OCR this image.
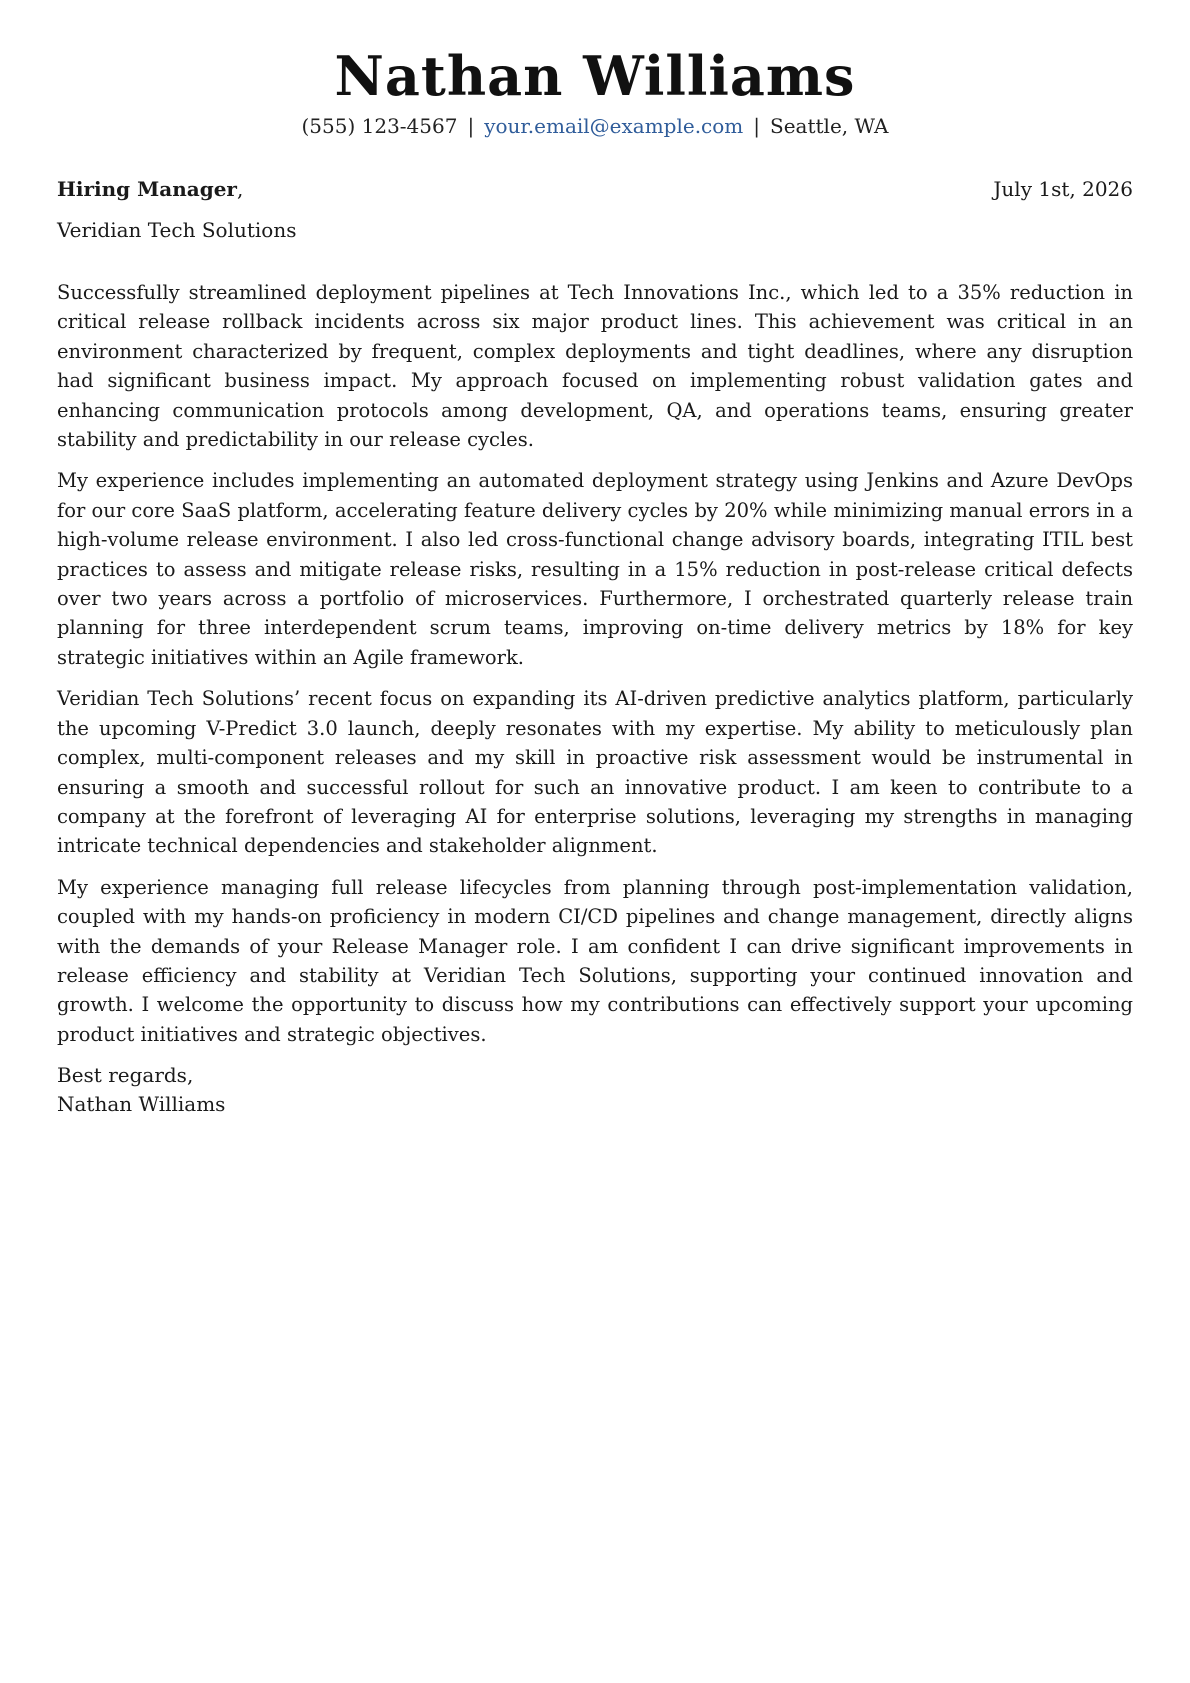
Nathan Williams
(555) 123-4567 | your.email@example.com | Seattle, WA
Hiring Manager,	July 1st, 2026
Veridian Tech Solutions

Successfully streamlined deployment pipelines at Tech Innovations Inc., which led to a 35% reduction in critical release rollback incidents across six major product lines. This achievement was critical in an environment characterized by frequent, complex deployments and tight deadlines, where any disruption had significant business impact. My approach focused on implementing robust validation gates and enhancing communication protocols among development, QA, and operations teams, ensuring greater stability and predictability in our release cycles.

My experience includes implementing an automated deployment strategy using Jenkins and Azure DevOps for our core SaaS platform, accelerating feature delivery cycles by 20% while minimizing manual errors in a high-volume release environment. I also led cross-functional change advisory boards, integrating ITIL best practices to assess and mitigate release risks, resulting in a 15% reduction in post-release critical defects over two years across a portfolio of microservices. Furthermore, I orchestrated quarterly release train planning for three interdependent scrum teams, improving on-time delivery metrics by 18% for key strategic initiatives within an Agile framework.

Veridian Tech Solutions’ recent focus on expanding its AI-driven predictive analytics platform, particularly the upcoming V-Predict 3.0 launch, deeply resonates with my expertise. My ability to meticulously plan complex, multi-component releases and my skill in proactive risk assessment would be instrumental in ensuring a smooth and successful rollout for such an innovative product. I am keen to contribute to a company at the forefront of leveraging AI for enterprise solutions, leveraging my strengths in managing intricate technical dependencies and stakeholder alignment.

My experience managing full release lifecycles from planning through post-implementation validation, coupled with my hands-on proficiency in modern CI/CD pipelines and change management, directly aligns with the demands of your Release Manager role. I am confident I can drive significant improvements in release efficiency and stability at Veridian Tech Solutions, supporting your continued innovation and growth. I welcome the opportunity to discuss how my contributions can effectively support your upcoming product initiatives and strategic objectives.

Best regards,
Nathan Williams
